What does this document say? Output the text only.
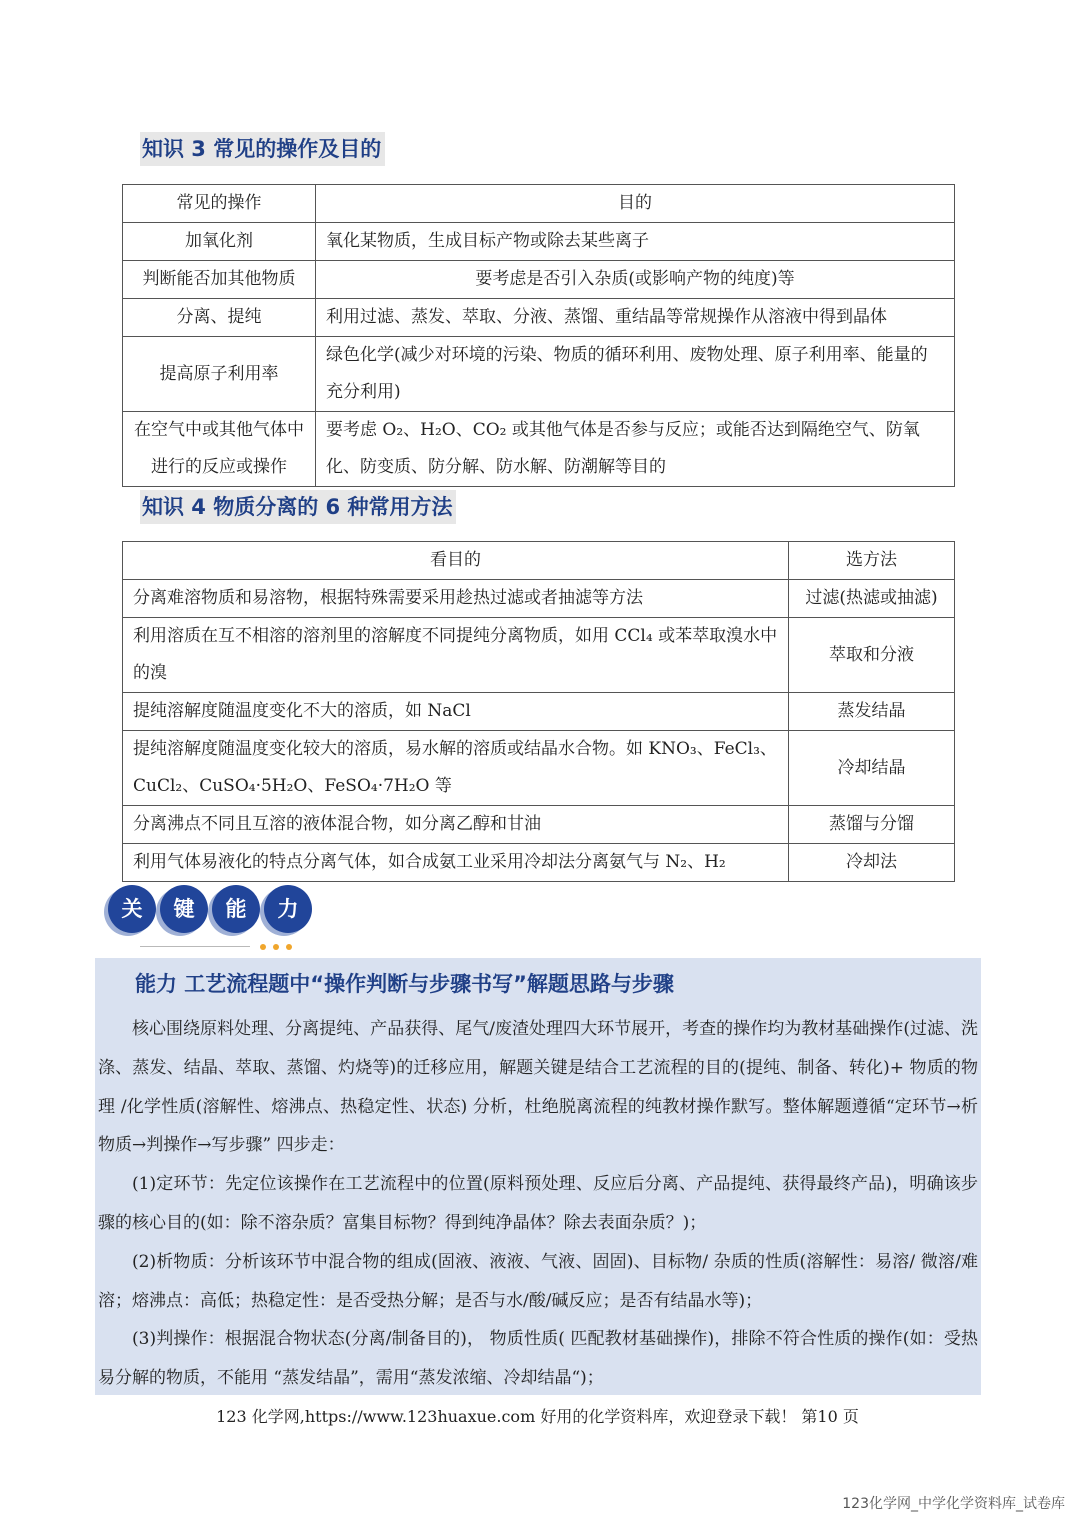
知识 3 常见的操作及目的
常见的操作	目的
加氧化剂	氧化某物质，生成目标产物或除去某些离子
判断能否加其他物质	要考虑是否引入杂质(或影响产物的纯度)等
分离、提纯	利用过滤、蒸发、萃取、分液、蒸馏、重结晶等常规操作从溶液中得到晶体
提高原子利用率	绿色化学(减少对环境的污染、物质的循环利用、废物处理、原子利用率、能量的充分利用)
在空气中或其他气体中进行的反应或操作	要考虑 O₂、H₂O、CO₂ 或其他气体是否参与反应；或能否达到隔绝空气、防氧化、防变质、防分解、防水解、防潮解等目的
知识 4 物质分离的 6 种常用方法
看目的	选方法
分离难溶物质和易溶物，根据特殊需要采用趁热过滤或者抽滤等方法	过滤(热滤或抽滤)
利用溶质在互不相溶的溶剂里的溶解度不同提纯分离物质，如用 CCl₄ 或苯萃取溴水中的溴	萃取和分液
提纯溶解度随温度变化不大的溶质，如 NaCl	蒸发结晶
提纯溶解度随温度变化较大的溶质，易水解的溶质或结晶水合物。如 KNO₃、FeCl₃、CuCl₂、CuSO₄·5H₂O、FeSO₄·7H₂O 等	冷却结晶
分离沸点不同且互溶的液体混合物，如分离乙醇和甘油	蒸馏与分馏
利用气体易液化的特点分离气体，如合成氨工业采用冷却法分离氨气与 N₂、H₂	冷却法
关	键	能	力
能力 工艺流程题中“操作判断与步骤书写”解题思路与步骤

核心围绕原料处理、分离提纯、产品获得、尾气/废渣处理四大环节展开，考查的操作均为教材基础操作(过滤、洗涤、蒸发、结晶、萃取、蒸馏、灼烧等)的迁移应用，解题关键是结合工艺流程的目的(提纯、制备、转化)+ 物质的物理 /化学性质(溶解性、熔沸点、热稳定性、状态) 分析，杜绝脱离流程的纯教材操作默写。整体解题遵循“定环节→析物质→判操作→写步骤” 四步走：

(1)定环节：先定位该操作在工艺流程中的位置(原料预处理、反应后分离、产品提纯、获得最终产品)，明确该步骤的核心目的(如：除不溶杂质？富集目标物？得到纯净晶体？除去表面杂质？)；

(2)析物质：分析该环节中混合物的组成(固液、液液、气液、固固)、目标物/ 杂质的性质(溶解性：易溶/ 微溶/难溶；熔沸点：高低；热稳定性：是否受热分解；是否与水/酸/碱反应；是否有结晶水等)；

(3)判操作：根据混合物状态(分离/制备目的)， 物质性质( 匹配教材基础操作)，排除不符合性质的操作(如：受热易分解的物质，不能用 “蒸发结晶”，需用“蒸发浓缩、冷却结晶“)；

123 化学网,https://www.123huaxue.com 好用的化学资料库，欢迎登录下载！ 第10 页
123化学网_中学化学资料库_试卷库
